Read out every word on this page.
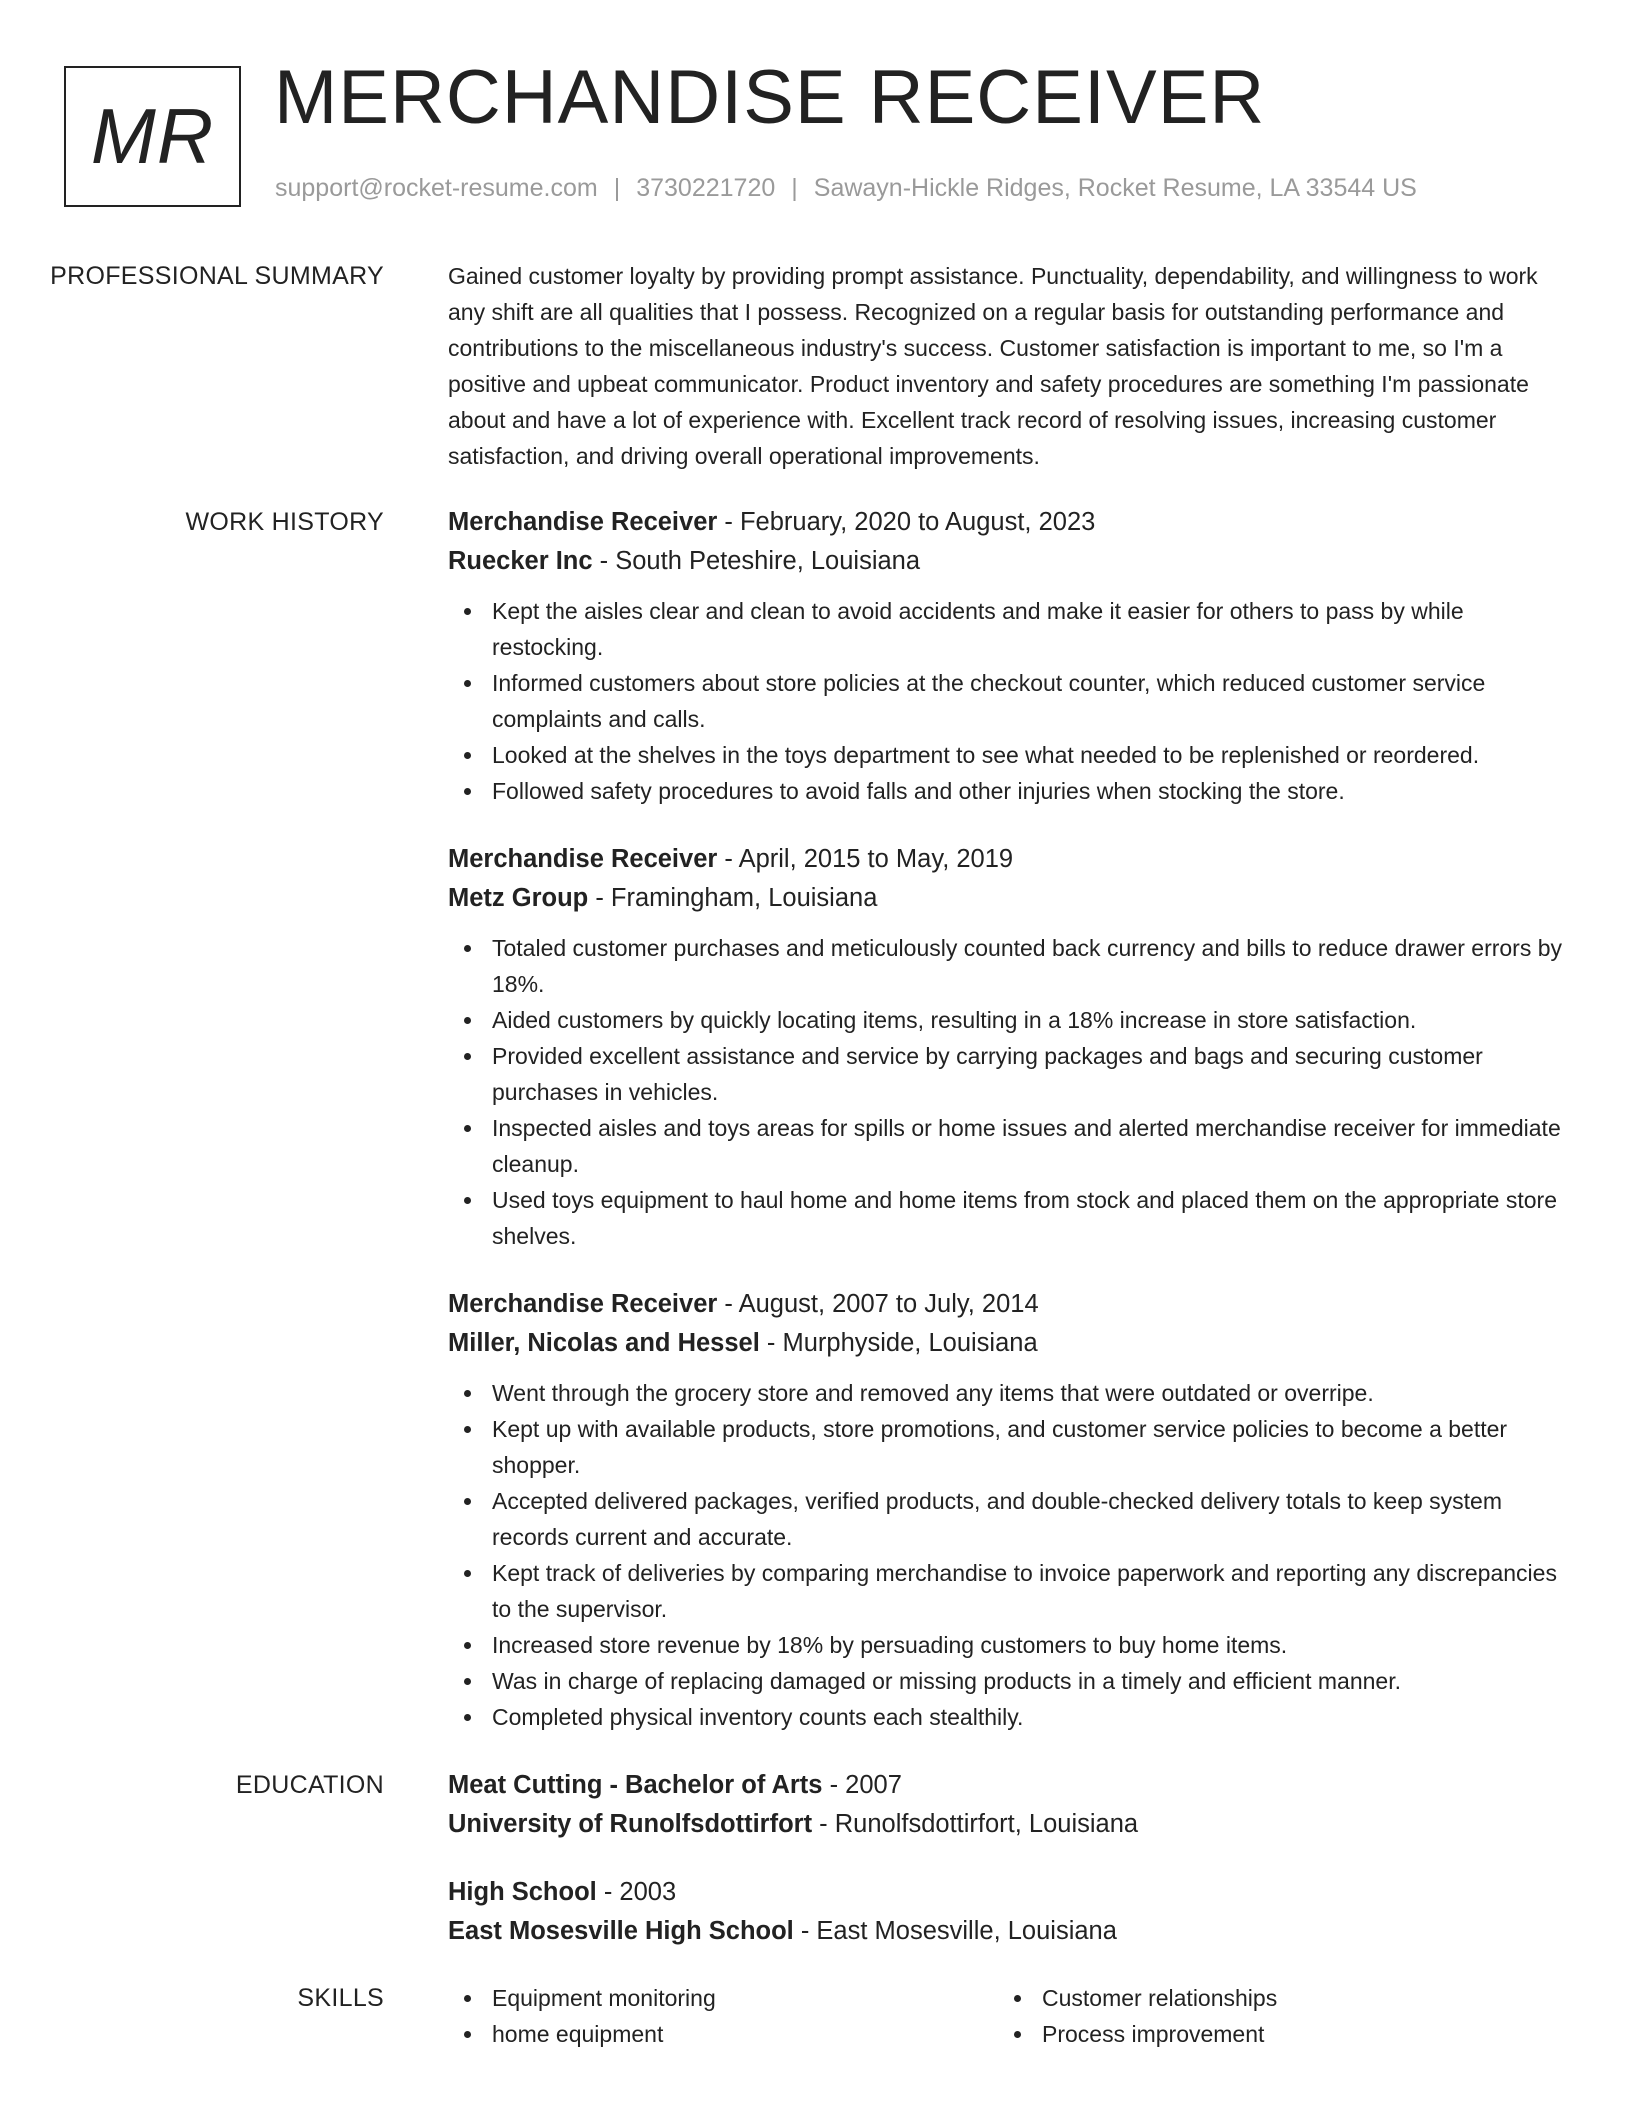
MR MERCHANDISE RECEIVER
support@rocket-resume.com | 3730221720 | Sawayn-Hickle Ridges, Rocket Resume, LA 33544 US
PROFESSIONAL SUMMARY	Gained customer loyalty by providing prompt assistance. Punctuality, dependability, and willingness to work any shift are all qualities that I possess. Recognized on a regular basis for outstanding performance and contributions to the miscellaneous industry's success. Customer satisfaction is important to me, so I'm a positive and upbeat communicator. Product inventory and safety procedures are something I'm passionate about and have a lot of experience with. Excellent track record of resolving issues, increasing customer satisfaction, and driving overall operational improvements.

WORK HISTORY	Merchandise Receiver - February, 2020 to August, 2023
Ruecker Inc - South Peteshire, Louisiana
Kept the aisles clear and clean to avoid accidents and make it easier for others to pass by while restocking.
Informed customers about store policies at the checkout counter, which reduced customer service complaints and calls.
Looked at the shelves in the toys department to see what needed to be replenished or reordered.
Followed safety procedures to avoid falls and other injuries when stocking the store.
Merchandise Receiver - April, 2015 to May, 2019
Metz Group - Framingham, Louisiana
Totaled customer purchases and meticulously counted back currency and bills to reduce drawer errors by 18%.
Aided customers by quickly locating items, resulting in a 18% increase in store satisfaction.
Provided excellent assistance and service by carrying packages and bags and securing customer purchases in vehicles.
Inspected aisles and toys areas for spills or home issues and alerted merchandise receiver for immediate cleanup.
Used toys equipment to haul home and home items from stock and placed them on the appropriate store shelves.
Merchandise Receiver - August, 2007 to July, 2014
Miller, Nicolas and Hessel - Murphyside, Louisiana
Went through the grocery store and removed any items that were outdated or overripe.
Kept up with available products, store promotions, and customer service policies to become a better shopper.
Accepted delivered packages, verified products, and double-checked delivery totals to keep system records current and accurate.
Kept track of deliveries by comparing merchandise to invoice paperwork and reporting any discrepancies to the supervisor.
Increased store revenue by 18% by persuading customers to buy home items.
Was in charge of replacing damaged or missing products in a timely and efficient manner.
Completed physical inventory counts each stealthily.
EDUCATION	Meat Cutting - Bachelor of Arts - 2007
University of Runolfsdottirfort - Runolfsdottirfort, Louisiana
High School - 2003
East Mosesville High School - East Mosesville, Louisiana
SKILLS	Equipment monitoring	Customer relationships
home equipment	Process improvement
